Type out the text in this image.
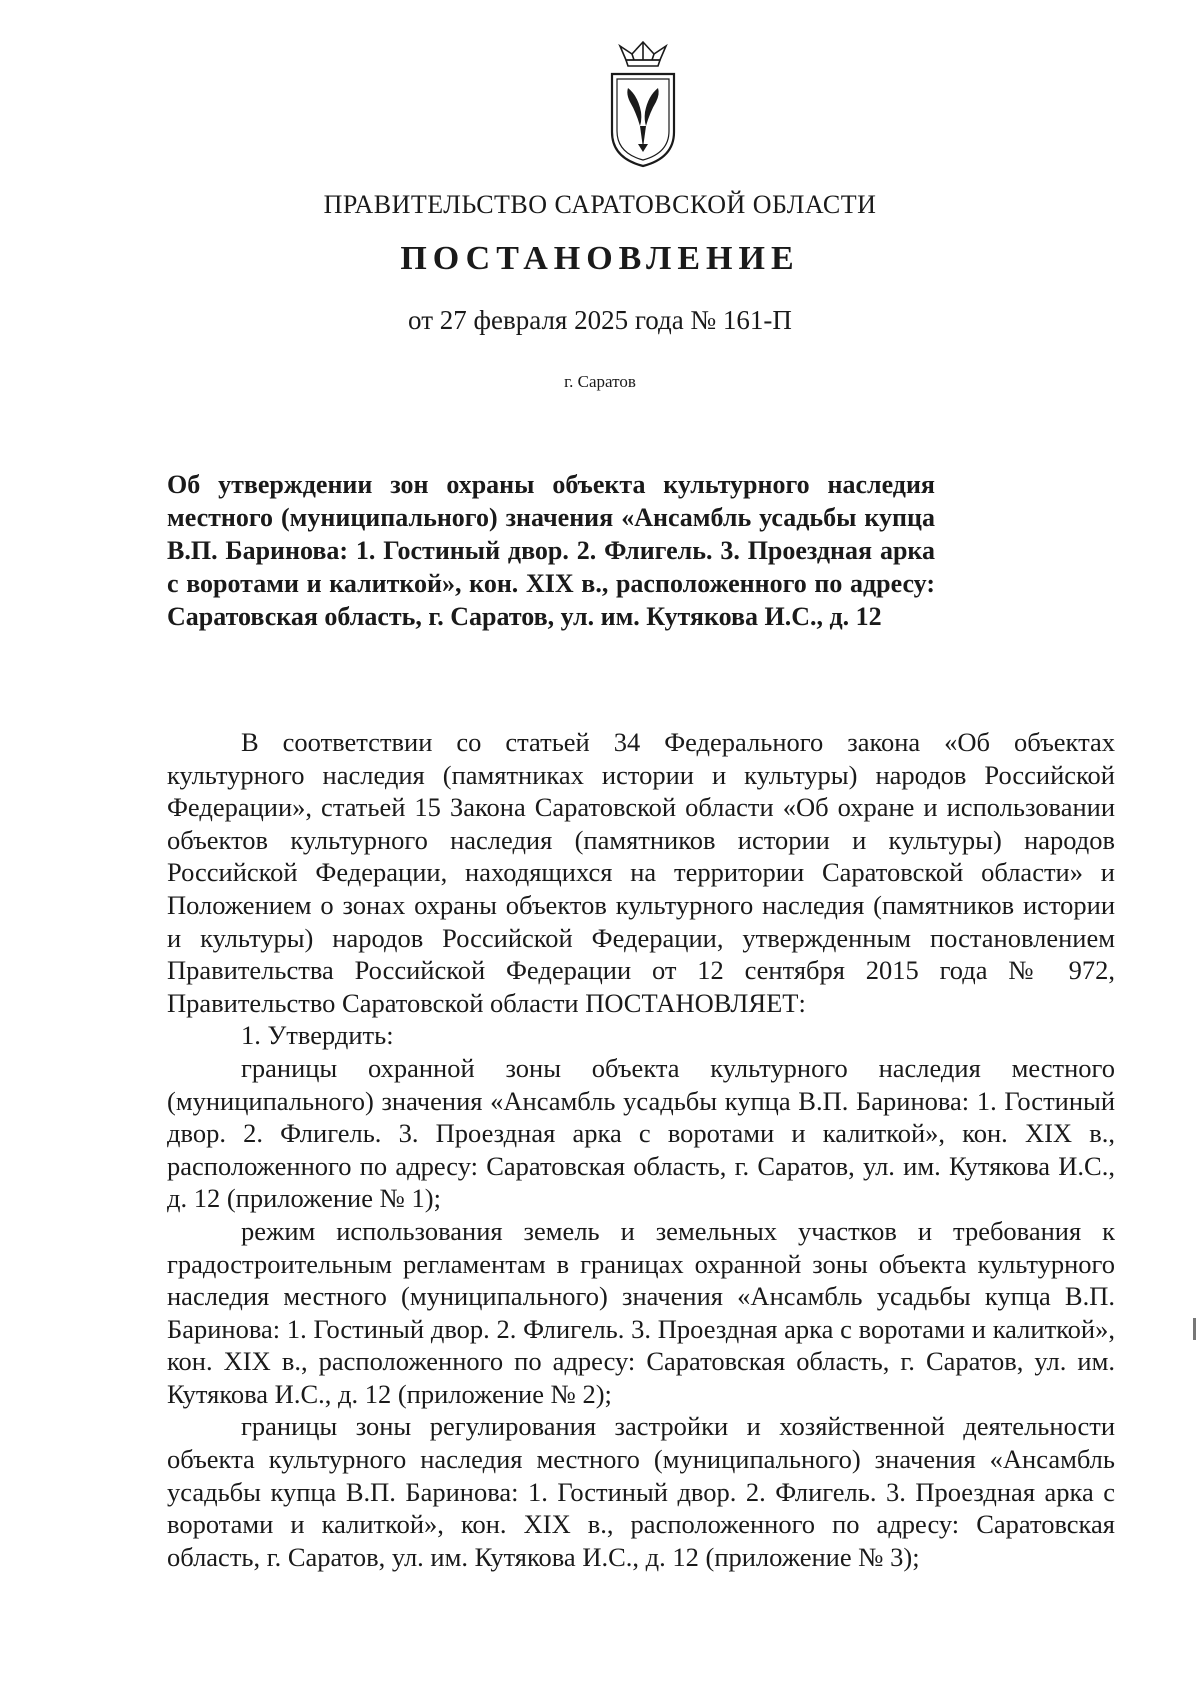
ПРАВИТЕЛЬСТВО САРАТОВСКОЙ ОБЛАСТИ

ПОСТАНОВЛЕНИЕ

от 27 февраля 2025 года № 161-П

г. Саратов

Об утверждении зон охраны объекта культурного наследия местного (муниципального) значения «Ансамбль усадьбы купца В.П. Баринова: 1. Гостиный двор. 2. Флигель. 3. Проездная арка с воротами и калиткой», кон. XIX в., расположенного по адресу: Саратовская область, г. Саратов, ул. им. Кутякова И.С., д. 12

В соответствии со статьей 34 Федерального закона «Об объектах культурного наследия (памятниках истории и культуры) народов Российской Федерации», статьей 15 Закона Саратовской области «Об охране и использовании объектов культурного наследия (памятников истории и культуры) народов Российской Федерации, находящихся на территории Саратовской области» и Положением о зонах охраны объектов культурного наследия (памятников истории и культуры) народов Российской Федерации, утвержденным постановлением Правительства Российской Федерации от 12 сентября 2015 года № 972, Правительство Саратовской области ПОСТАНОВЛЯЕТ:

1. Утвердить:

границы охранной зоны объекта культурного наследия местного (муниципального) значения «Ансамбль усадьбы купца В.П. Баринова: 1. Гостиный двор. 2. Флигель. 3. Проездная арка с воротами и калиткой», кон. XIX в., расположенного по адресу: Саратовская область, г. Саратов, ул. им. Кутякова И.С., д. 12 (приложение № 1);

режим использования земель и земельных участков и требования к градостроительным регламентам в границах охранной зоны объекта культурного наследия местного (муниципального) значения «Ансамбль усадьбы купца В.П. Баринова: 1. Гостиный двор. 2. Флигель. 3. Проездная арка с воротами и калиткой», кон. XIX в., расположенного по адресу: Саратовская область, г. Саратов, ул. им. Кутякова И.С., д. 12 (приложение № 2);

границы зоны регулирования застройки и хозяйственной деятельности объекта культурного наследия местного (муниципального) значения «Ансамбль усадьбы купца В.П. Баринова: 1. Гостиный двор. 2. Флигель. 3. Проездная арка с воротами и калиткой», кон. XIX в., расположенного по адресу: Саратовская область, г. Саратов, ул. им. Кутякова И.С., д. 12 (приложение № 3);
